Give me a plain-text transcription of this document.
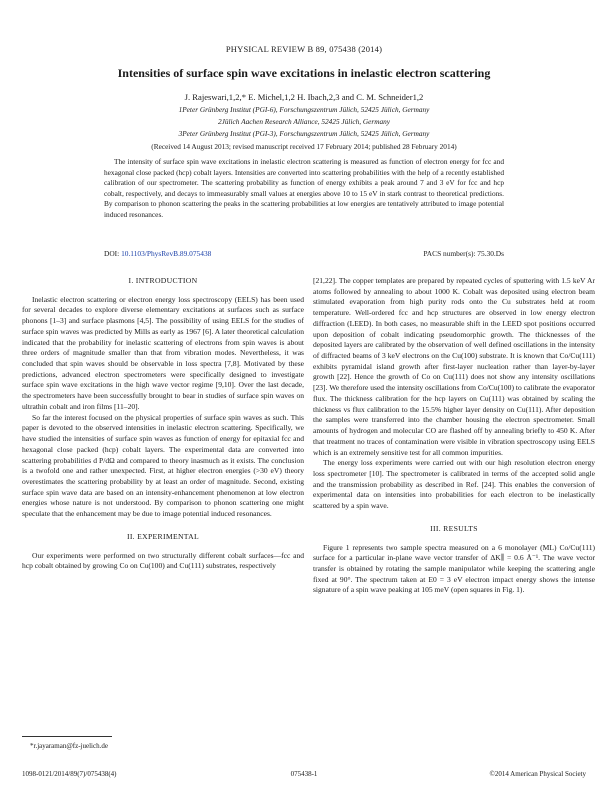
PHYSICAL REVIEW B 89, 075438 (2014)
Intensities of surface spin wave excitations in inelastic electron scattering
J. Rajeswari,1,2,* E. Michel,1,2 H. Ibach,2,3 and C. M. Schneider1,2
1Peter Grünberg Institut (PGI-6), Forschungszentrum Jülich, 52425 Jülich, Germany
2Jülich Aachen Research Alliance, 52425 Jülich, Germany
3Peter Grünberg Institut (PGI-3), Forschungszentrum Jülich, 52425 Jülich, Germany
(Received 14 August 2013; revised manuscript received 17 February 2014; published 28 February 2014)
The intensity of surface spin wave excitations in inelastic electron scattering is measured as function of electron energy for fcc and hexagonal close packed (hcp) cobalt layers. Intensities are converted into scattering probabilities with the help of a recently established calibration of our spectrometer. The scattering probability as function of energy exhibits a peak around 7 and 3 eV for fcc and hcp cobalt, respectively, and decays to immeasurably small values at energies above 10 to 15 eV in stark contrast to theoretical predictions. By comparison to phonon scattering the peaks in the scattering probabilities at low energies are tentatively attributed to image potential induced resonances.
DOI: 10.1103/PhysRevB.89.075438	PACS number(s): 75.30.Ds

I. INTRODUCTION

Inelastic electron scattering or electron energy loss spectroscopy (EELS) has been used for several decades to explore diverse elementary excitations at surfaces such as surface phonons [1–3] and surface plasmons [4,5]. The possibility of using EELS for the studies of surface spin waves was predicted by Mills as early as 1967 [6]. A later theoretical calculation indicated that the probability for inelastic scattering of electrons from spin waves is about three orders of magnitude smaller than that from vibration modes. Nevertheless, it was concluded that spin waves should be observable in loss spectra [7,8]. Motivated by these predictions, advanced electron spectrometers were specifically designed to investigate surface spin wave excitations in the high wave vector regime [9,10]. Over the last decade, the spectrometers have been successfully brought to bear in studies of surface spin waves on ultrathin cobalt and iron films [11–20].

So far the interest focused on the physical properties of surface spin waves as such. This paper is devoted to the observed intensities in inelastic electron scattering. Specifically, we have studied the intensities of surface spin waves as function of energy for epitaxial fcc and hexagonal close packed (hcp) cobalt layers. The experimental data are converted into scattering probabilities d P/dΩ and compared to theory inasmuch as it exists. The conclusion is a twofold one and rather unexpected. First, at higher electron energies (>30 eV) theory overestimates the scattering probability by at least an order of magnitude. Second, existing surface spin wave data are based on an intensity-enhancement phenomenon at low electron energies whose nature is not understood. By comparison to phonon scattering one might speculate that the enhancement may be due to image potential induced resonances.

II. EXPERIMENTAL

Our experiments were performed on two structurally different cobalt surfaces—fcc and hcp cobalt obtained by growing Co on Cu(100) and Cu(111) substrates, respectively

[21,22]. The copper templates are prepared by repeated cycles of sputtering with 1.5 keV Ar atoms followed by annealing to about 1000 K. Cobalt was deposited using electron beam stimulated evaporation from high purity rods onto the Cu substrates held at room temperature. Well-ordered fcc and hcp structures are observed in low energy electron diffraction (LEED). In both cases, no measurable shift in the LEED spot positions occurred upon deposition of cobalt indicating pseudomorphic growth. The thicknesses of the deposited layers are calibrated by the observation of well defined oscillations in the intensity of diffracted beams of 3 keV electrons on the Cu(100) substrate. It is known that Co/Cu(111) exhibits pyramidal island growth after first-layer nucleation rather than layer-by-layer growth [22]. Hence the growth of Co on Cu(111) does not show any intensity oscillations [23]. We therefore used the intensity oscillations from Co/Cu(100) to calibrate the evaporator flux. The thickness calibration for the hcp layers on Cu(111) was obtained by scaling the thickness vs flux calibration to the 15.5% higher layer density on Cu(111). After deposition the samples were transferred into the chamber housing the electron spectrometer. Small amounts of hydrogen and molecular CO are flashed off by annealing briefly to 450 K. After that treatment no traces of contamination were visible in vibration spectroscopy using EELS which is an extremely sensitive test for all common impurities.

The energy loss experiments were carried out with our high resolution electron energy loss spectrometer [10]. The spectrometer is calibrated in terms of the accepted solid angle and the transmission probability as described in Ref. [24]. This enables the conversion of experimental data on intensities into probabilities for each electron to be inelastically scattered by a spin wave.

III. RESULTS

Figure 1 represents two sample spectra measured on a 6 monolayer (ML) Co/Cu(111) surface for a particular in-plane wave vector transfer of ΔK∥ = 0.6 Å⁻¹. The wave vector transfer is obtained by rotating the sample manipulator while keeping the scattering angle fixed at 90°. The spectrum taken at E0 = 3 eV electron impact energy shows the intense signature of a spin wave peaking at 105 meV (open squares in Fig. 1).

*r.jayaraman@fz-juelich.de
1098-0121/2014/89(7)/075438(4)	075438-1	©2014 American Physical Society
